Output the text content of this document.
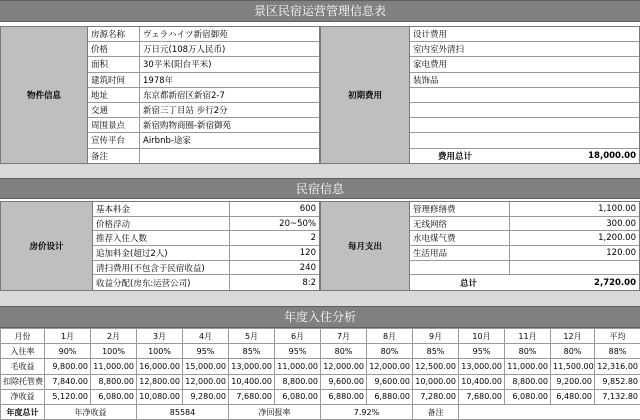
景区民宿运营管理信息表
物件信息
房源名称	ヴェラハイツ新宿御苑
价格	万日元(108万人民币)
面积	30平米(阳台平米)
建筑时间	1978年
地址	东京都新宿区新宿2-7
交通	新宿三丁目站 步行2分
周围景点	新宿购物商圈-新宿御苑
宣传平台	Airbnb-途家
备注
初期费用
设计费用
室内室外清扫
家电费用
装饰品
费用总计	18,000.00
民宿信息
房价设计
基本料金	600
价格浮动	20~50%
推荐入住人数	2
追加料金(超过2人)	120
清扫费用(不包含于民宿收益)	240
收益分配(房东:运营公司)	8:2
每月支出
管理修缮费	1,100.00
无线网络	300.00
水电煤气费	1,200.00
生活用品	120.00
总计	2,720.00
年度入住分析
月份	1月	2月	3月	4月	5月	6月	7月	8月	9月	10月	11月	12月	平均
入住率	90%	100%	100%	95%	85%	95%	80%	80%	85%	95%	80%	80%	88%
毛收益	9,800.00	11,000.00	16,000.00	15,000.00	13,000.00	11,000.00	12,000.00	12,000.00	12,500.00	13,000.00	11,000.00	11,500.00	12,316.00
扣除托管费	7,840.00	8,800.00	12,800.00	12,000.00	10,400.00	8,800.00	9,600.00	9,600.00	10,000.00	10,400.00	8,800.00	9,200.00	9,852.80
净收益	5,120.00	6,080.00	10,080.00	9,280.00	7,680.00	6,080.00	6,880.00	6,880.00	7,280.00	7,680.00	6,080.00	6,480.00	7,132.80
年度总计	年净收益		85584		净回报率		7.92%		备注				
